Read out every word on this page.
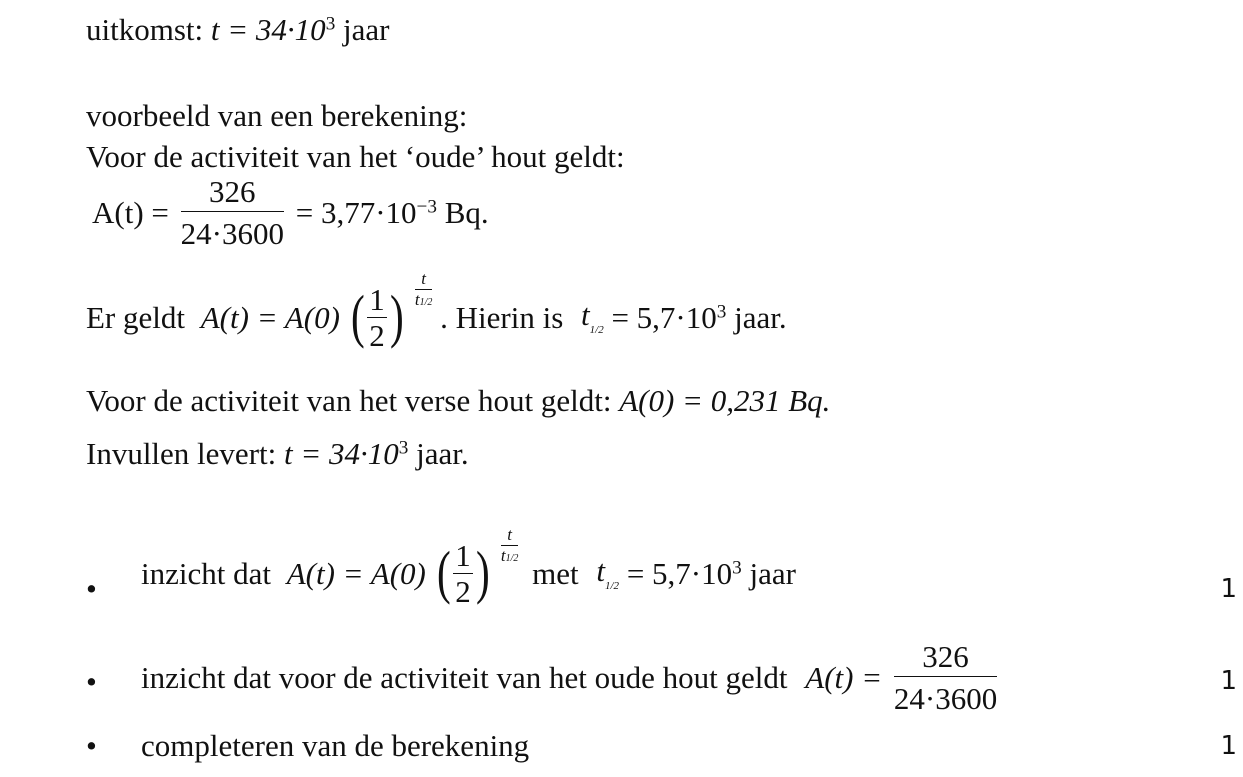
uitkomst: $t = 34\cdot 10^3$ jaar
voorbeeld van een berekening:
Voor de activiteit van het ‘oude’ hout geldt:
$A(t) = \frac{326}{24\cdot 3600} = 3,77\cdot 10^{-3}$ Bq.
Er geldt A(t) = A(0) ( $\frac{1}{2}$ )
t
t1/2 . Hierin is $t1/2 = 5,7\cdot 10^3$ jaar.
Voor de activiteit van het verse hout geldt: A(0) = 0,231 Bq.
Invullen levert: $t = 34\cdot 10^3$ jaar.
• inzicht dat A(t) = A(0) ( $\frac{1}{2}$ )
t
t1/2 met $t1/2 = 5,7\cdot 10^3$ jaar	1
• inzicht dat voor de activiteit van het oude hout geldt $A(t) = \frac{326}{24\cdot 3600}$	1
• completeren van de berekening	1
